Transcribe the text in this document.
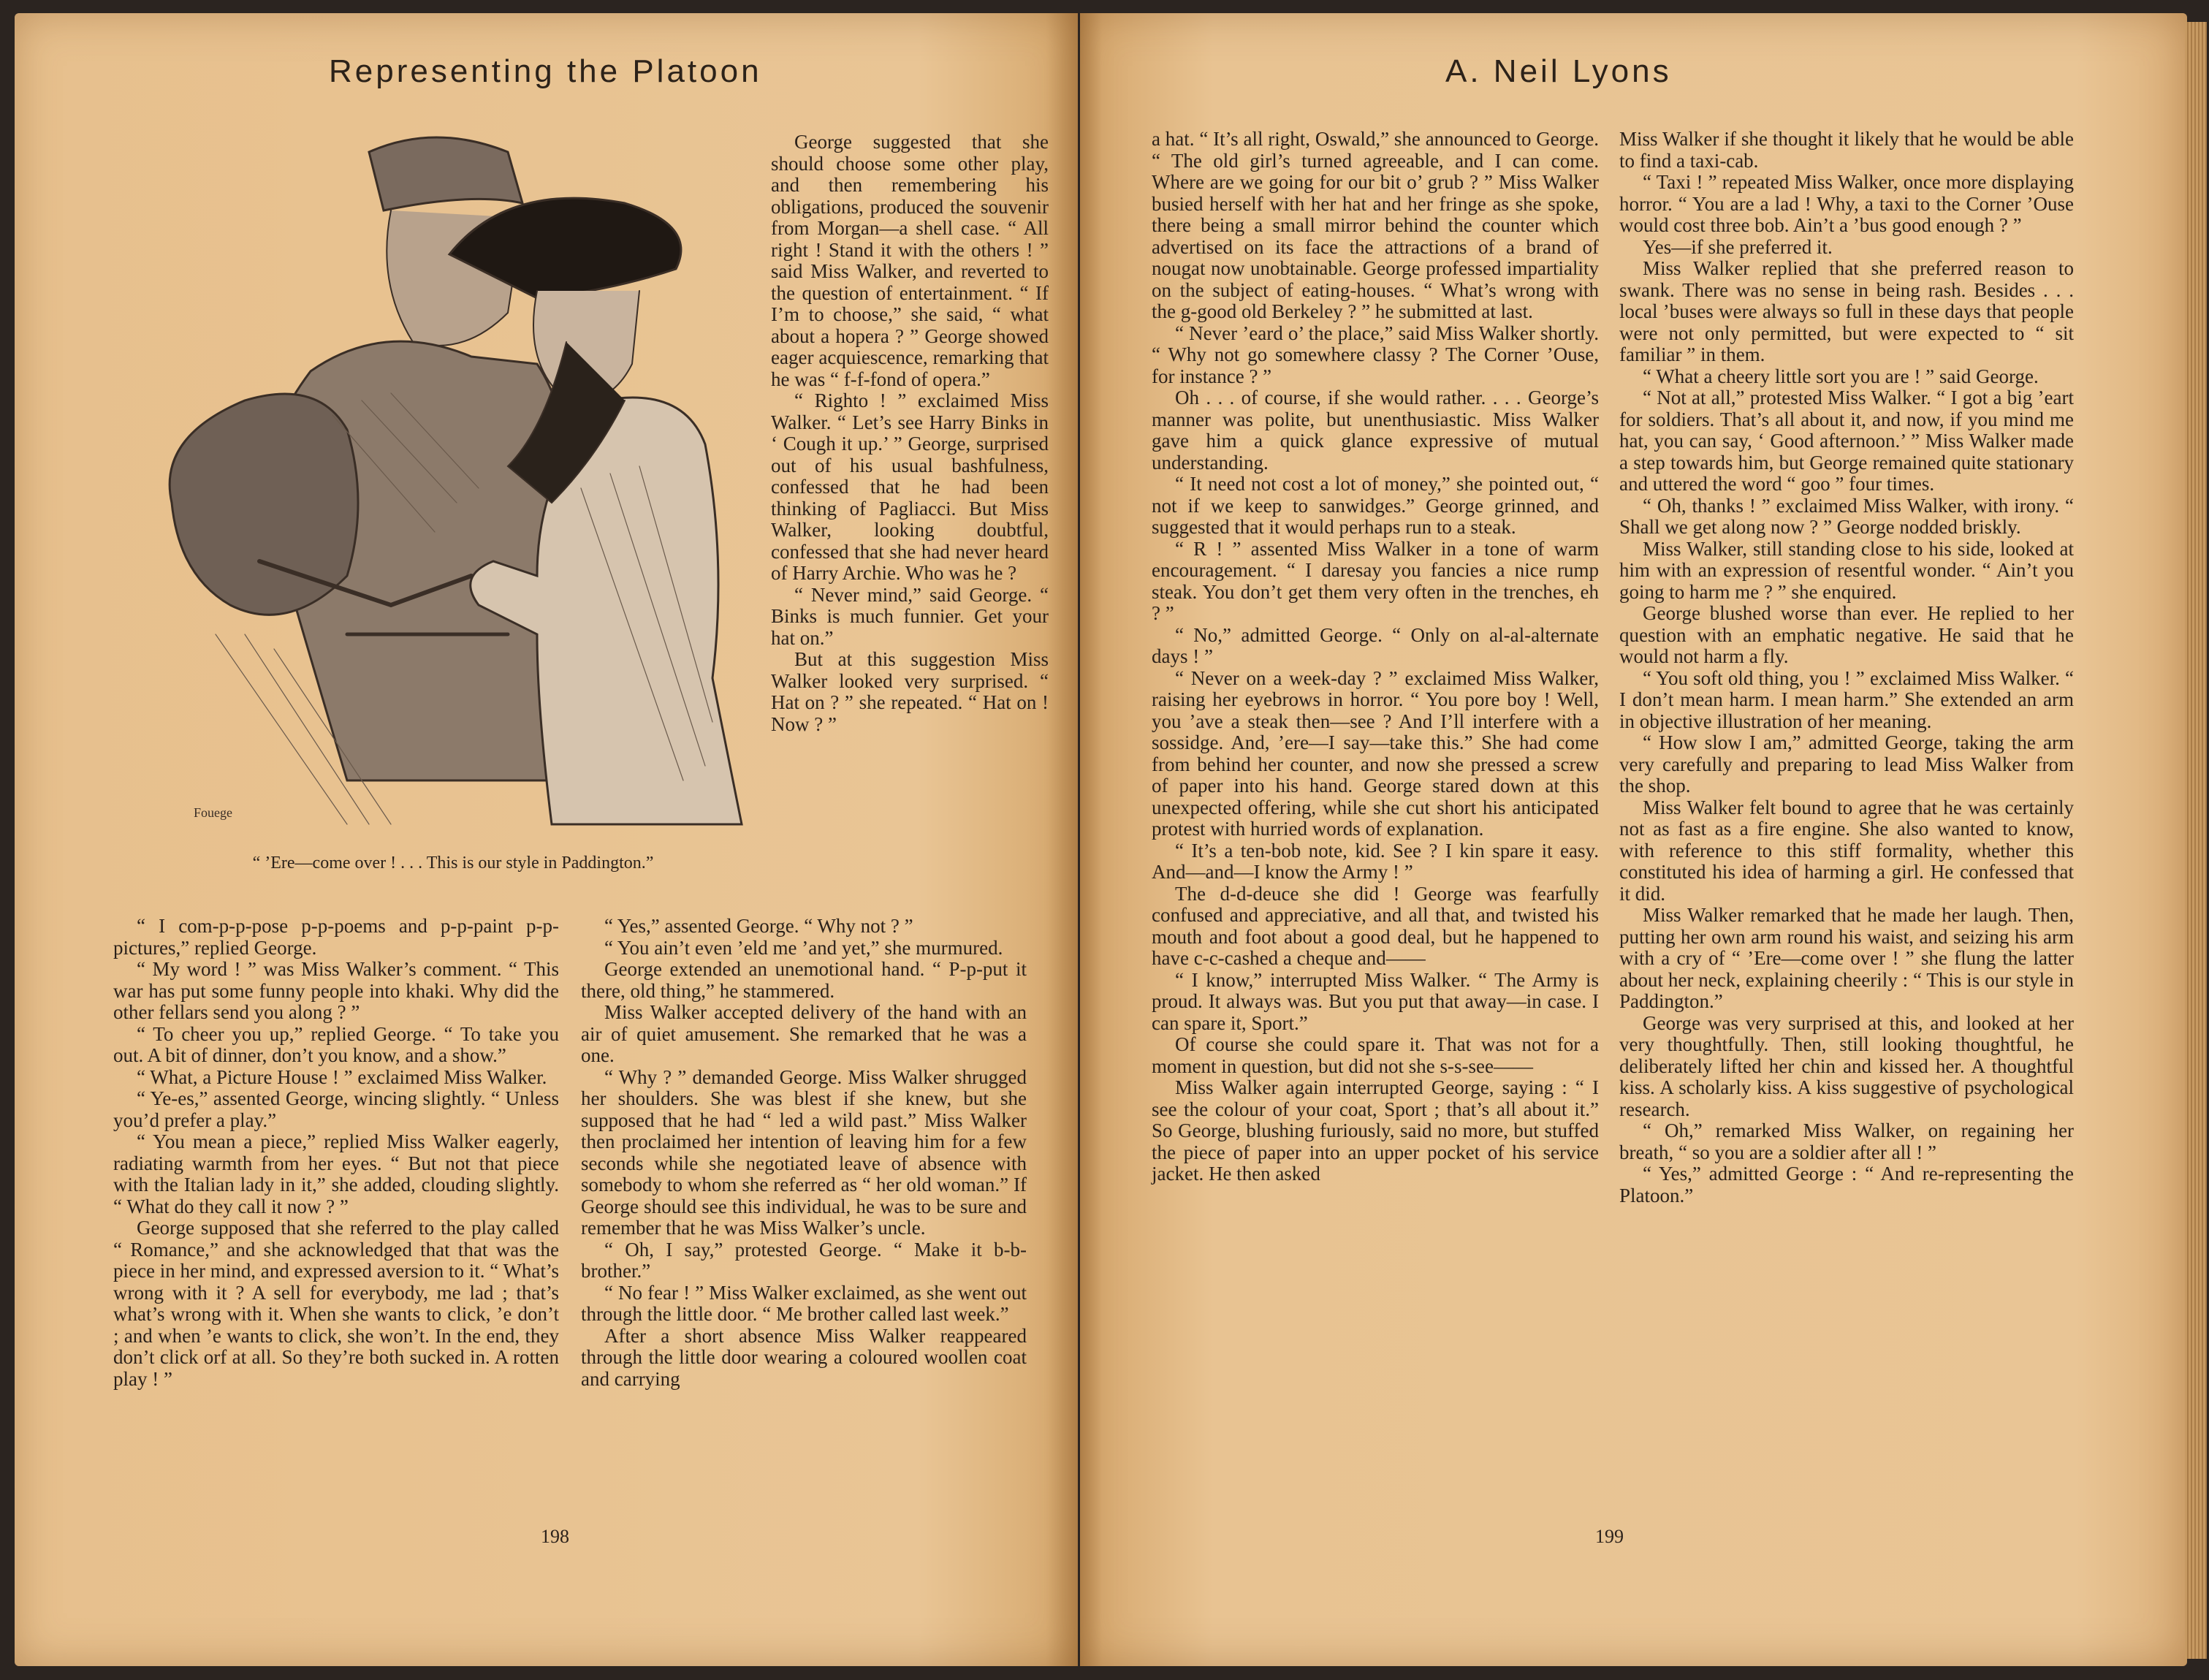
Representing the Platoon
Fouege
“ ’Ere—come over ! . . . This is our style in Paddington.”

George suggested that she should choose some other play, and then remembering his obligations, produced the souvenir from Morgan—a shell case. “ All right ! Stand it with the others ! ” said Miss Walker, and reverted to the question of entertainment. “ If I’m to choose,” she said, “ what about a hopera ? ” George showed eager acquiescence, remarking that he was “ f-f-fond of opera.”

“ Righto ! ” exclaimed Miss Walker. “ Let’s see Harry Binks in ‘ Cough it up.’ ” George, surprised out of his usual bashfulness, confessed that he had been thinking of Pagliacci. But Miss Walker, looking doubtful, confessed that she had never heard of Harry Archie. Who was he ?

“ Never mind,” said George. “ Binks is much funnier. Get your hat on.”

But at this suggestion Miss Walker looked very surprised. “ Hat on ? ” she repeated. “ Hat on ! Now ? ”

“ I com-p-p-pose p-p-poems and p-p-paint p-p-pictures,” replied George.

“ My word ! ” was Miss Walker’s comment. “ This war has put some funny people into khaki. Why did the other fellars send you along ? ”

“ To cheer you up,” replied George. “ To take you out. A bit of dinner, don’t you know, and a show.”

“ What, a Picture House ! ” exclaimed Miss Walker.

“ Ye-es,” assented George, wincing slightly. “ Unless you’d prefer a play.”

“ You mean a piece,” replied Miss Walker eagerly, radiating warmth from her eyes. “ But not that piece with the Italian lady in it,” she added, clouding slightly. “ What do they call it now ? ”

George supposed that she referred to the play called “ Romance,” and she acknowledged that that was the piece in her mind, and expressed aversion to it. “ What’s wrong with it ? A sell for everybody, me lad ; that’s what’s wrong with it. When she wants to click, ’e don’t ; and when ’e wants to click, she won’t. In the end, they don’t click orf at all. So they’re both sucked in. A rotten play ! ”

“ Yes,” assented George. “ Why not ? ”

“ You ain’t even ’eld me ’and yet,” she murmured.

George extended an unemotional hand. “ P-p-put it there, old thing,” he stammered.

Miss Walker accepted delivery of the hand with an air of quiet amusement. She remarked that he was a one.

“ Why ? ” demanded George. Miss Walker shrugged her shoulders. She was blest if she knew, but she supposed that he had “ led a wild past.” Miss Walker then proclaimed her intention of leaving him for a few seconds while she negotiated leave of absence with somebody to whom she referred as “ her old woman.” If George should see this individual, he was to be sure and remember that he was Miss Walker’s uncle.

“ Oh, I say,” protested George. “ Make it b-b-brother.”

“ No fear ! ” Miss Walker exclaimed, as she went out through the little door. “ Me brother called last week.”

After a short absence Miss Walker reappeared through the little door wearing a coloured woollen coat and carrying

198
A. Neil Lyons

a hat. “ It’s all right, Oswald,” she announced to George. “ The old girl’s turned agreeable, and I can come. Where are we going for our bit o’ grub ? ” Miss Walker busied herself with her hat and her fringe as she spoke, there being a small mirror behind the counter which advertised on its face the attractions of a brand of nougat now unobtainable. George professed impartiality on the subject of eating-houses. “ What’s wrong with the g-good old Berkeley ? ” he submitted at last.

“ Never ’eard o’ the place,” said Miss Walker shortly. “ Why not go somewhere classy ? The Corner ’Ouse, for instance ? ”

Oh . . . of course, if she would rather. . . . George’s manner was polite, but unenthusiastic. Miss Walker gave him a quick glance expressive of mutual understanding.

“ It need not cost a lot of money,” she pointed out, “ not if we keep to sanwidges.” George grinned, and suggested that it would perhaps run to a steak.

“ R ! ” assented Miss Walker in a tone of warm encouragement. “ I daresay you fancies a nice rump steak. You don’t get them very often in the trenches, eh ? ”

“ No,” admitted George. “ Only on al-al-alternate days ! ”

“ Never on a week-day ? ” exclaimed Miss Walker, raising her eyebrows in horror. “ You pore boy ! Well, you ’ave a steak then—see ? And I’ll interfere with a sossidge. And, ’ere—I say—take this.” She had come from behind her counter, and now she pressed a screw of paper into his hand. George stared down at this unexpected offering, while she cut short his anticipated protest with hurried words of explanation.

“ It’s a ten-bob note, kid. See ? I kin spare it easy. And—and—I know the Army ! ”

The d-d-deuce she did ! George was fearfully confused and appreciative, and all that, and twisted his mouth and foot about a good deal, but he happened to have c-c-cashed a cheque and——

“ I know,” interrupted Miss Walker. “ The Army is proud. It always was. But you put that away—in case. I can spare it, Sport.”

Of course she could spare it. That was not for a moment in question, but did not she s-s-see——

Miss Walker again interrupted George, saying : “ I see the colour of your coat, Sport ; that’s all about it.” So George, blushing furiously, said no more, but stuffed the piece of paper into an upper pocket of his service jacket. He then asked

Miss Walker if she thought it likely that he would be able to find a taxi-cab.

“ Taxi ! ” repeated Miss Walker, once more displaying horror. “ You are a lad ! Why, a taxi to the Corner ’Ouse would cost three bob. Ain’t a ’bus good enough ? ”

Yes—if she preferred it.

Miss Walker replied that she preferred reason to swank. There was no sense in being rash. Besides . . . local ’buses were always so full in these days that people were not only permitted, but were expected to “ sit familiar ” in them.

“ What a cheery little sort you are ! ” said George.

“ Not at all,” protested Miss Walker. “ I got a big ’eart for soldiers. That’s all about it, and now, if you mind me hat, you can say, ‘ Good afternoon.’ ” Miss Walker made a step towards him, but George remained quite stationary and uttered the word “ goo ” four times.

“ Oh, thanks ! ” exclaimed Miss Walker, with irony. “ Shall we get along now ? ” George nodded briskly.

Miss Walker, still standing close to his side, looked at him with an expression of resentful wonder. “ Ain’t you going to harm me ? ” she enquired.

George blushed worse than ever. He replied to her question with an emphatic negative. He said that he would not harm a fly.

“ You soft old thing, you ! ” exclaimed Miss Walker. “ I don’t mean harm. I mean harm.” She extended an arm in objective illustration of her meaning.

“ How slow I am,” admitted George, taking the arm very carefully and preparing to lead Miss Walker from the shop.

Miss Walker felt bound to agree that he was certainly not as fast as a fire engine. She also wanted to know, with reference to this stiff formality, whether this constituted his idea of harming a girl. He confessed that it did.

Miss Walker remarked that he made her laugh. Then, putting her own arm round his waist, and seizing his arm with a cry of “ ’Ere—come over ! ” she flung the latter about her neck, explaining cheerily : “ This is our style in Paddington.”

George was very surprised at this, and looked at her very thoughtfully. Then, still looking thoughtful, he deliberately lifted her chin and kissed her. A thoughtful kiss. A scholarly kiss. A kiss suggestive of psychological research.

“ Oh,” remarked Miss Walker, on regaining her breath, “ so you are a soldier after all ! ”

“ Yes,” admitted George : “ And re-representing the Platoon.”

199
